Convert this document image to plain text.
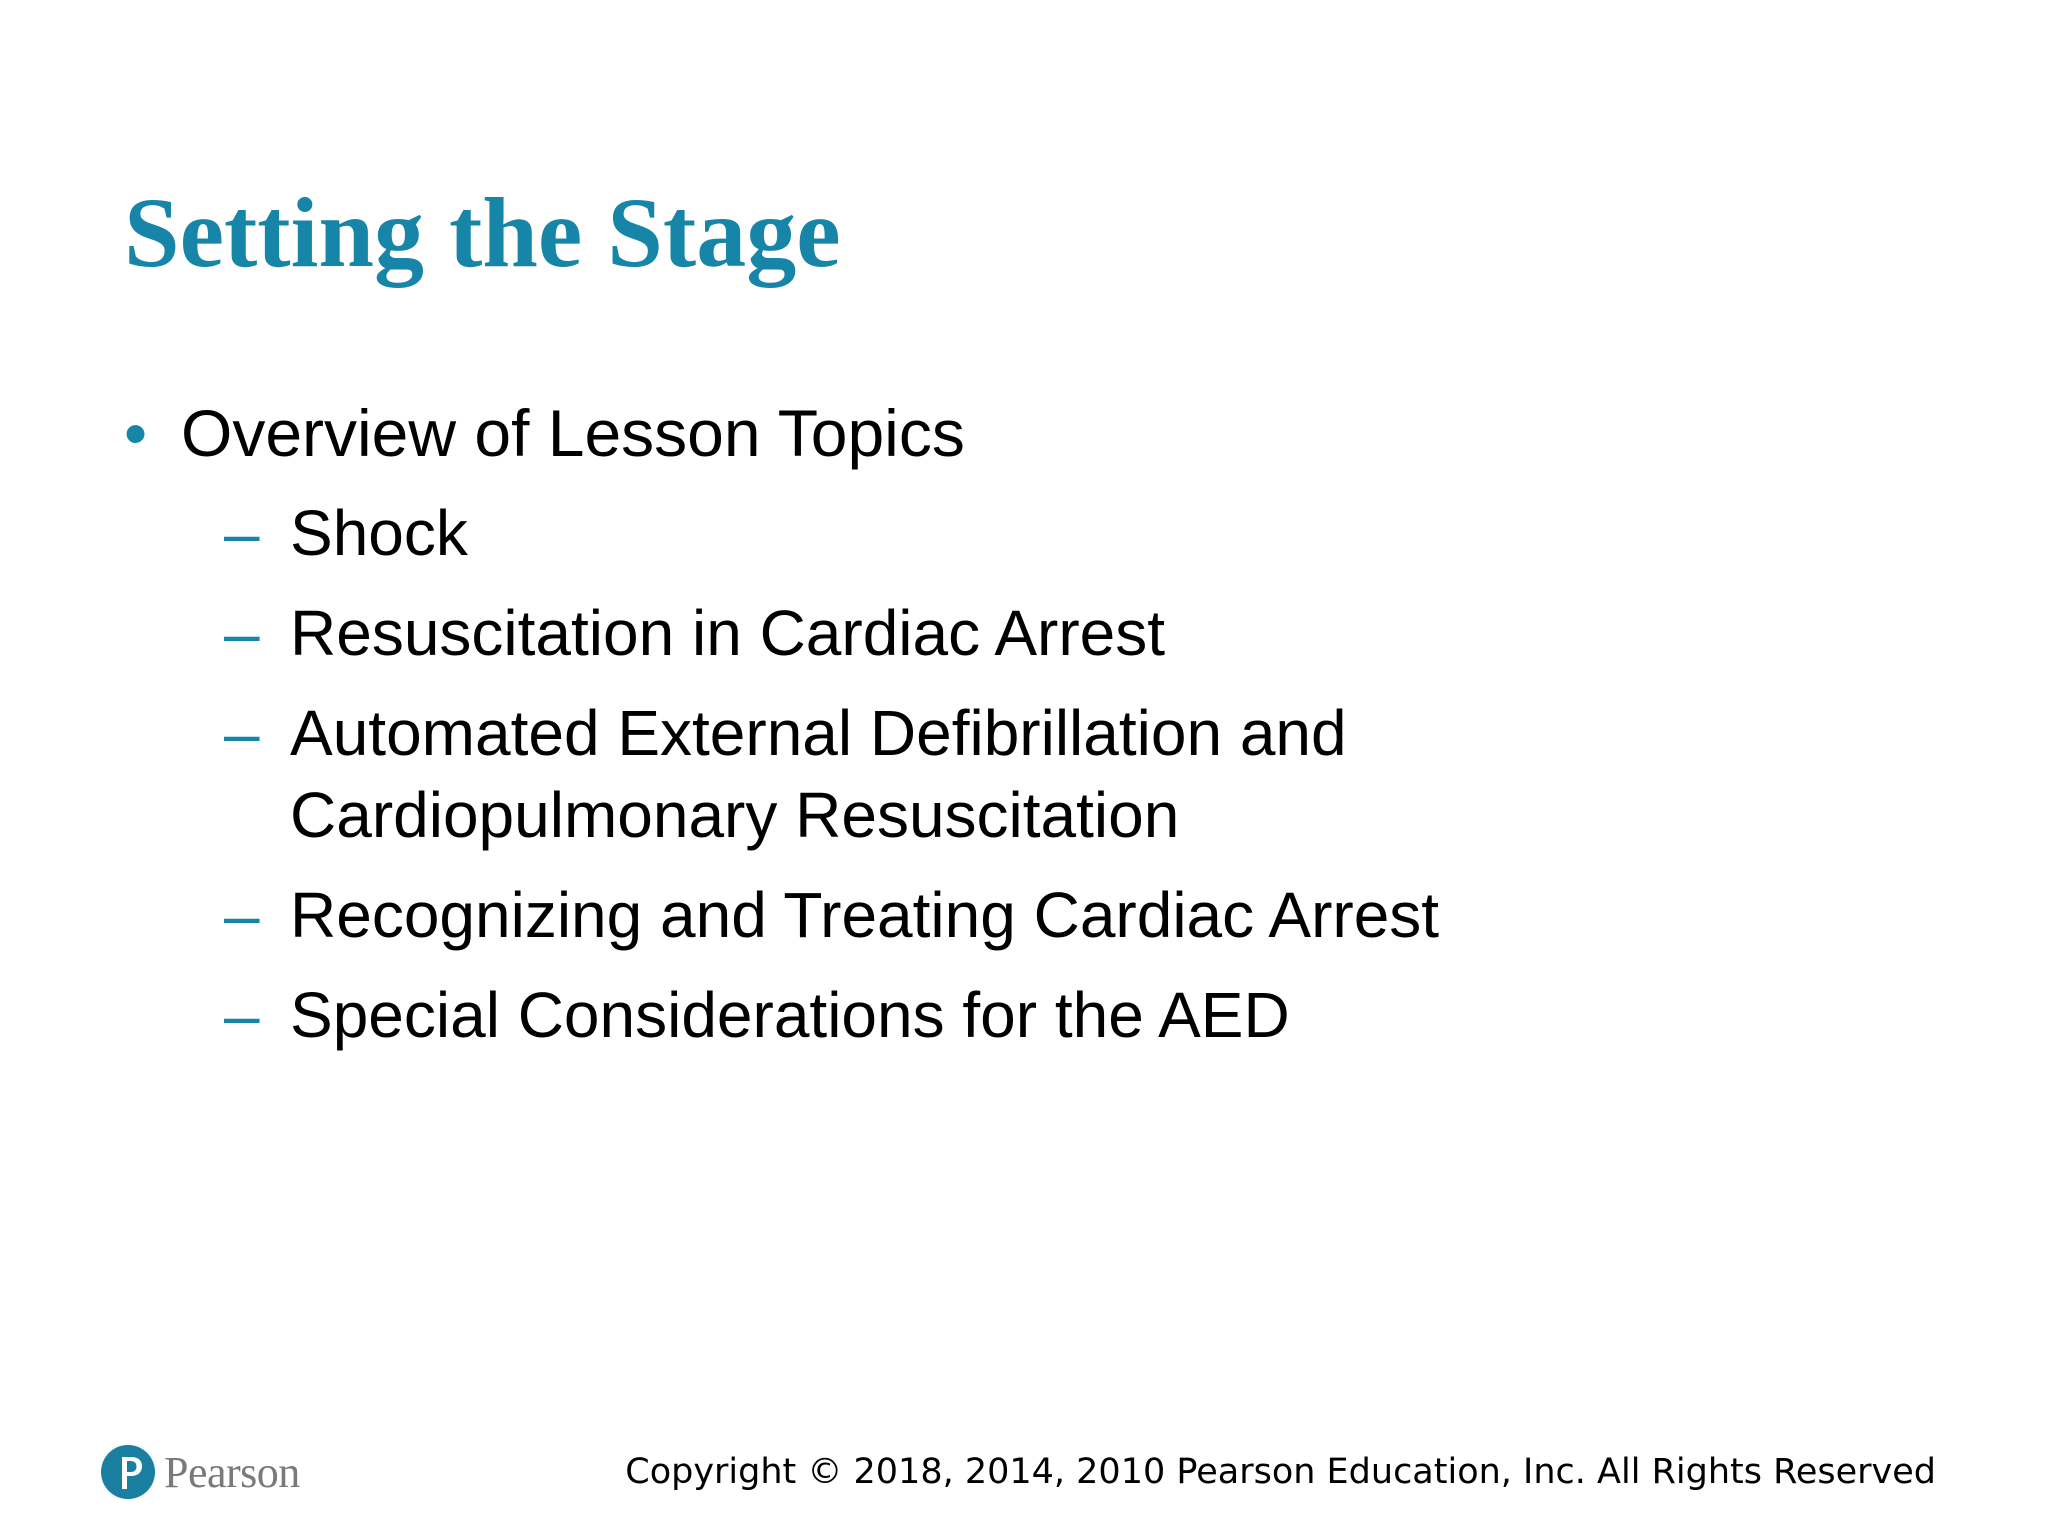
Setting the Stage
• Overview of Lesson Topics
– Shock
– Resuscitation in Cardiac Arrest
– Automated External Defibrillation and
Cardiopulmonary Resuscitation
– Recognizing and Treating Cardiac Arrest
– Special Considerations for the AED
Pearson	Copyright © 2018, 2014, 2010 Pearson Education, Inc. All Rights Reserved
